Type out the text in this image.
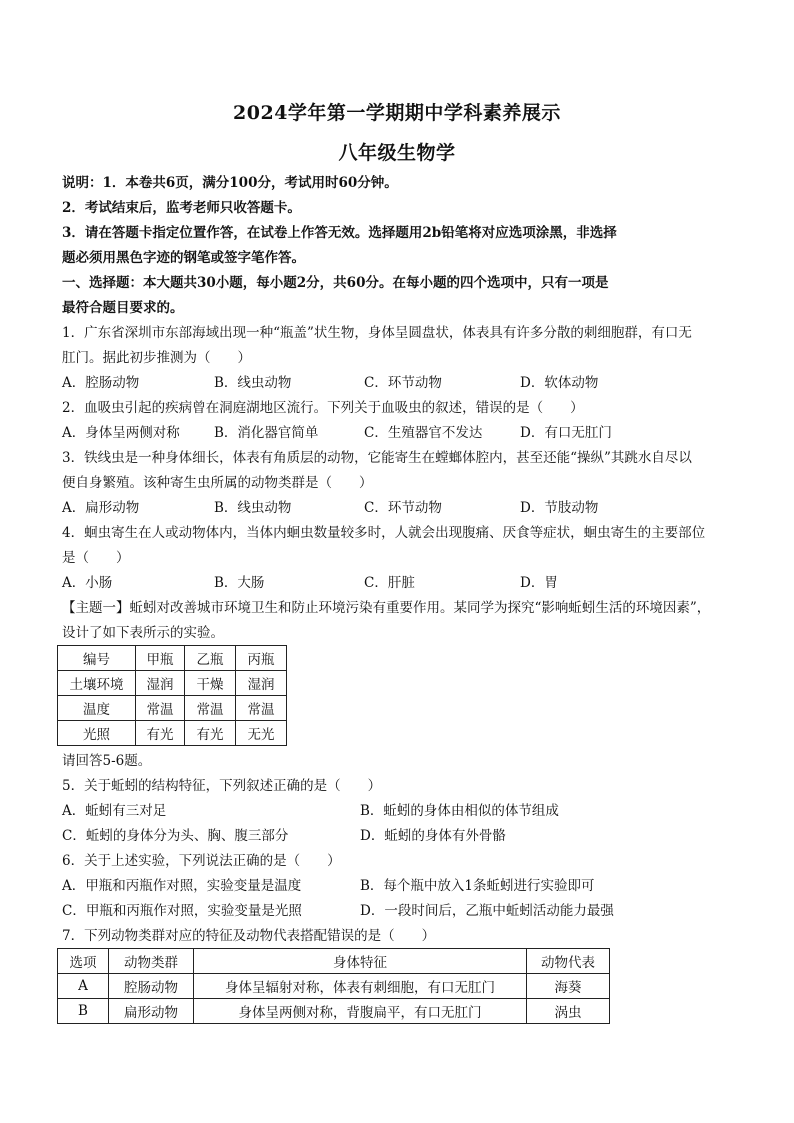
2024学年第一学期期中学科素养展示
八年级生物学
说明：1．本卷共6页，满分100分，考试用时60分钟。
2．考试结束后，监考老师只收答题卡。
3．请在答题卡指定位置作答，在试卷上作答无效。选择题用2b铅笔将对应选项涂黑，非选择
题必须用黑色字迹的钢笔或签字笔作答。
一、选择题：本大题共30小题，每小题2分，共60分。在每小题的四个选项中，只有一项是
最符合题目要求的。
1．广东省深圳市东部海域出现一种“瓶盖”状生物，身体呈圆盘状，体表具有许多分散的刺细胞群，有口无
肛门。据此初步推测为（　　）
A．腔肠动物	B．线虫动物	C．环节动物	D．软体动物
2．血吸虫引起的疾病曾在洞庭湖地区流行。下列关于血吸虫的叙述，错误的是（　　）
A．身体呈两侧对称	B．消化器官简单	C．生殖器官不发达	D．有口无肛门
3．铁线虫是一种身体细长，体表有角质层的动物，它能寄生在螳螂体腔内，甚至还能“操纵”其跳水自尽以
便自身繁殖。该种寄生虫所属的动物类群是（　　）
A．扁形动物	B．线虫动物	C．环节动物	D．节肢动物
4．蛔虫寄生在人或动物体内，当体内蛔虫数量较多时，人就会出现腹痛、厌食等症状，蛔虫寄生的主要部位
是（　　）
A．小肠	B．大肠	C．肝脏	D．胃
【主题一】蚯蚓对改善城市环境卫生和防止环境污染有重要作用。某同学为探究“影响蚯蚓生活的环境因素”，
设计了如下表所示的实验。
编号	甲瓶	乙瓶	丙瓶
土壤环境	湿润	干燥	湿润
温度	常温	常温	常温
光照	有光	有光	无光
请回答5-6题。
5．关于蚯蚓的结构特征，下列叙述正确的是（　　）
A．蚯蚓有三对足	B．蚯蚓的身体由相似的体节组成
C．蚯蚓的身体分为头、胸、腹三部分	D．蚯蚓的身体有外骨骼
6．关于上述实验，下列说法正确的是（　　）
A．甲瓶和丙瓶作对照，实验变量是温度	B．每个瓶中放入1条蚯蚓进行实验即可
C．甲瓶和丙瓶作对照，实验变量是光照	D．一段时间后，乙瓶中蚯蚓活动能力最强
7．下列动物类群对应的特征及动物代表搭配错误的是（　　）
选项	动物类群	身体特征	动物代表
A	腔肠动物	身体呈辐射对称，体表有刺细胞，有口无肛门	海葵
B	扁形动物	身体呈两侧对称，背腹扁平，有口无肛门	涡虫
